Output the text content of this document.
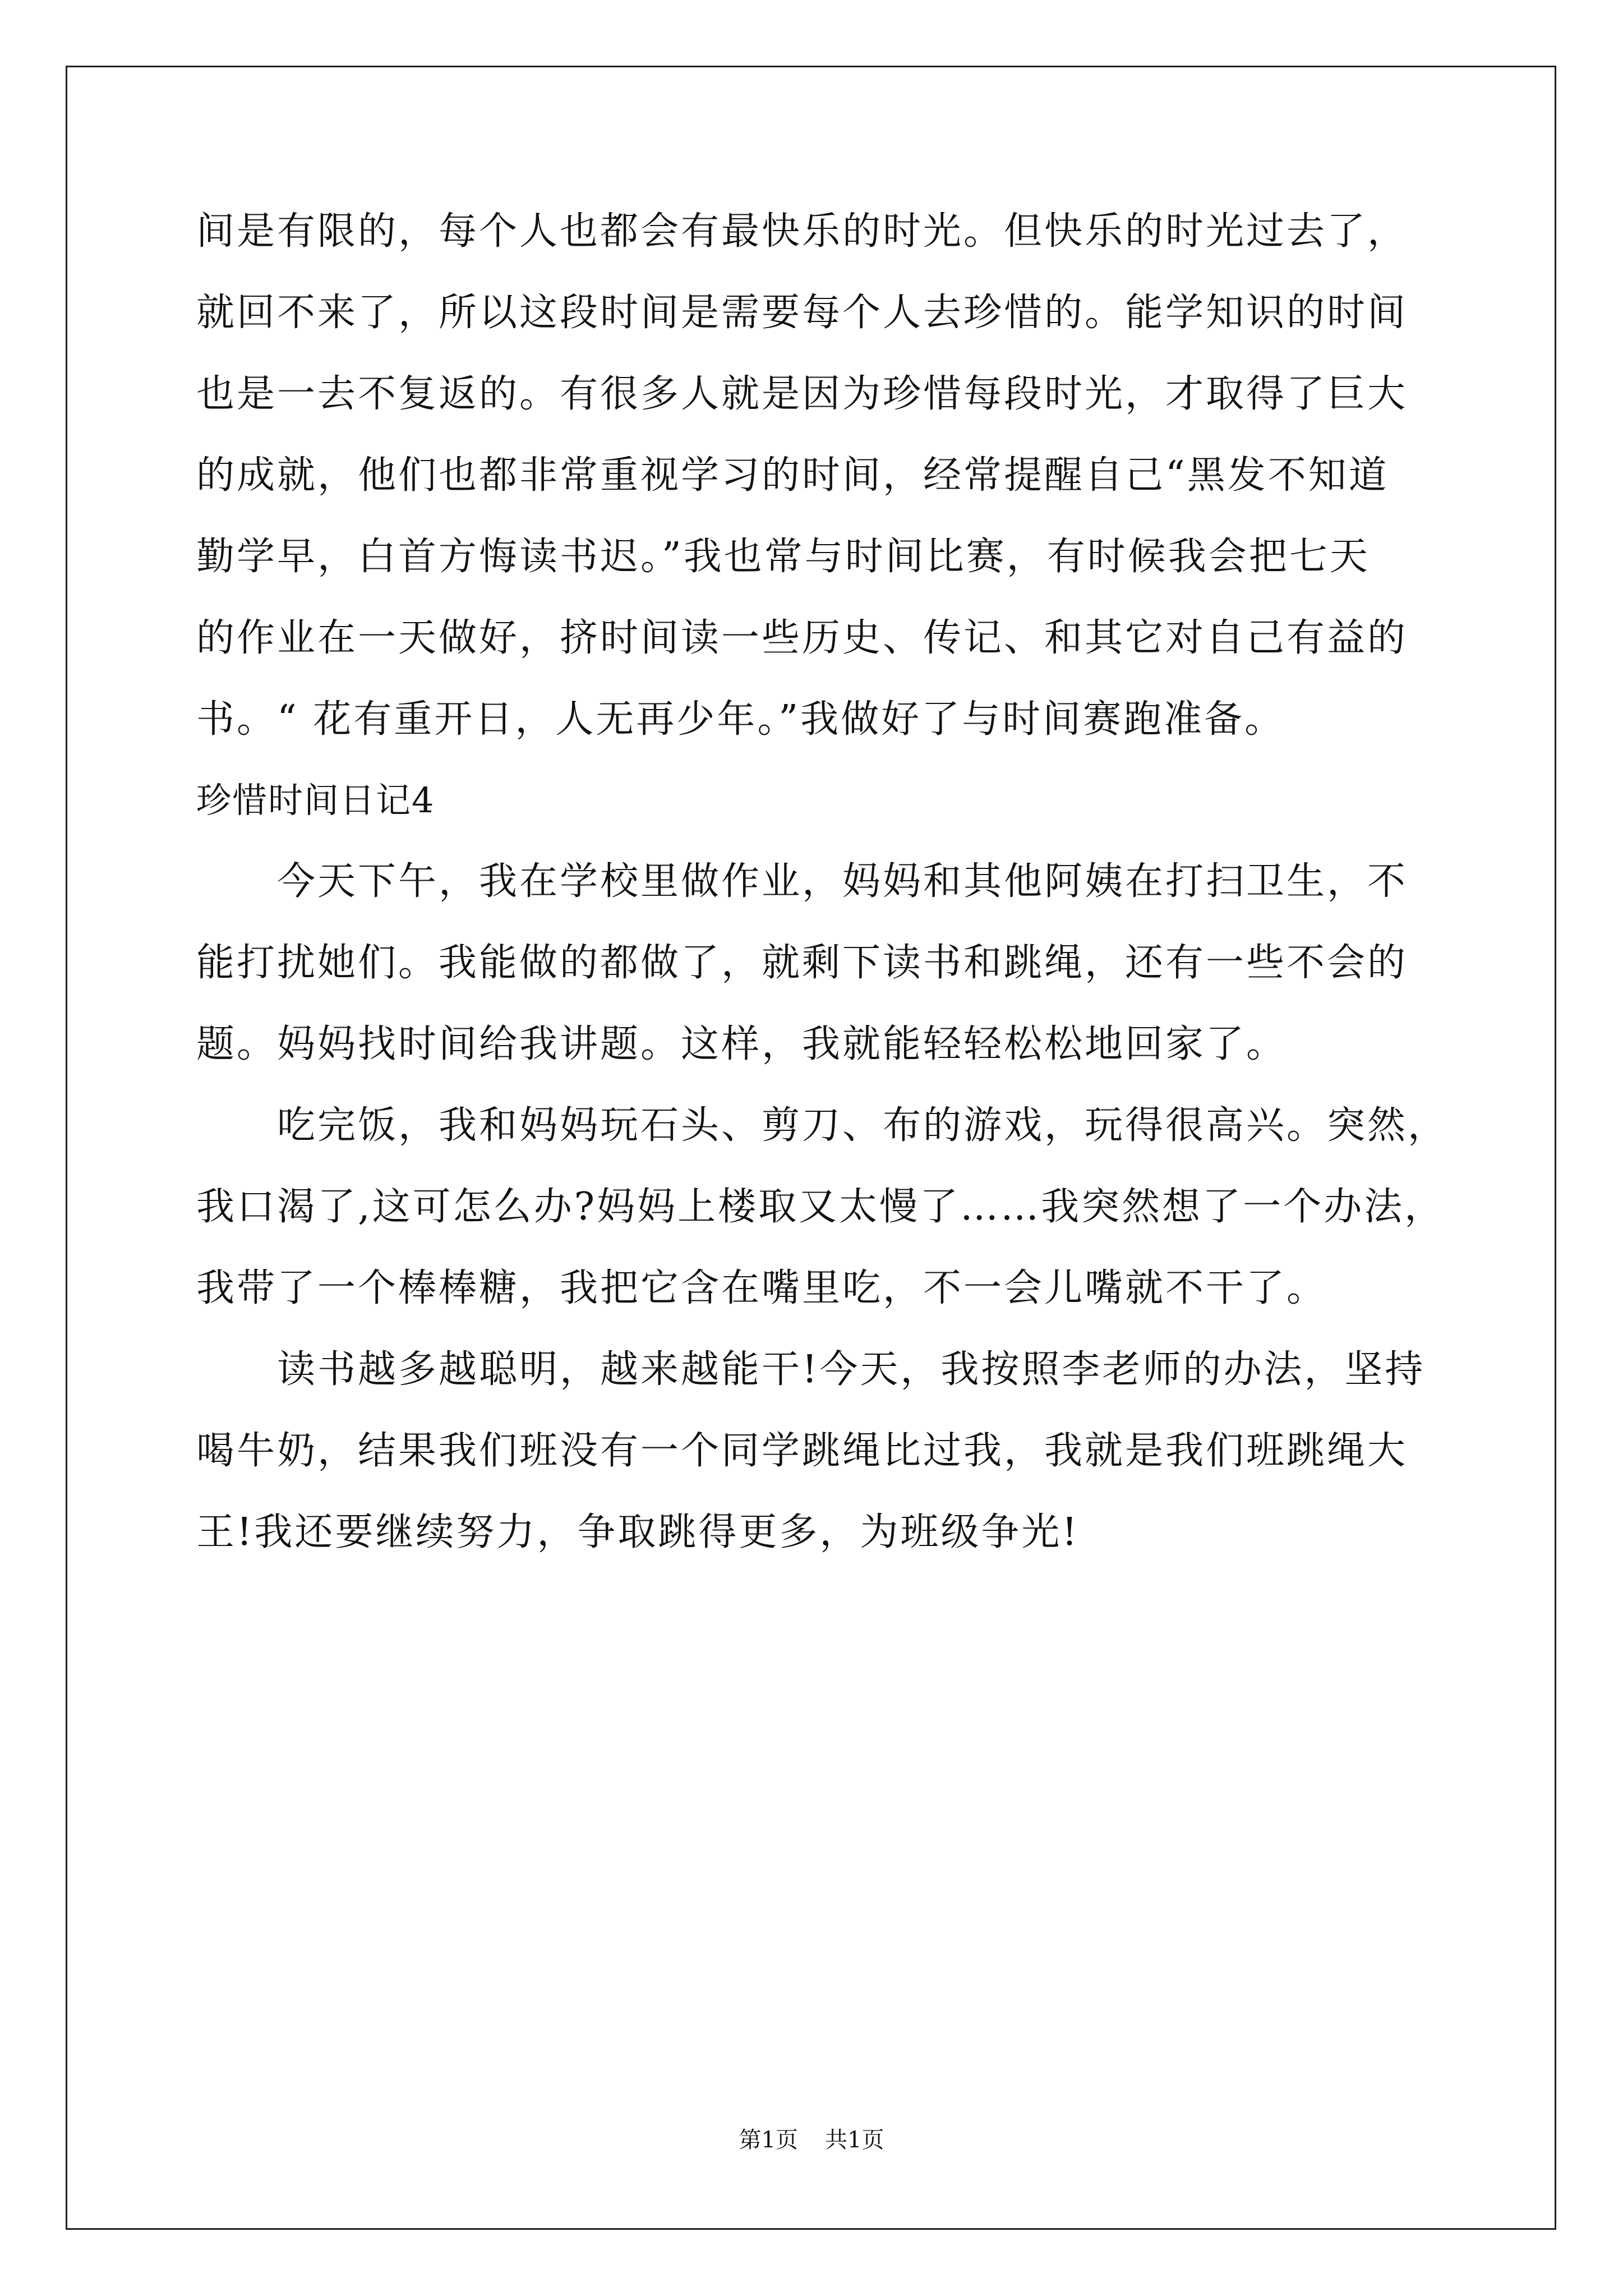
间是有限的，每个人也都会有最快乐的时光。但快乐的时光过去了，
就回不来了，所以这段时间是需要每个人去珍惜的。能学知识的时间
也是一去不复返的。有很多人就是因为珍惜每段时光，才取得了巨大
的成就，他们也都非常重视学习的时间，经常提醒自己“黑发不知道
勤学早，白首方悔读书迟。”我也常与时间比赛，有时候我会把七天
的作业在一天做好，挤时间读一些历史、传记、和其它对自己有益的
书。“ 花有重开日，人无再少年。”我做好了与时间赛跑准备。
珍惜时间日记4
今天下午，我在学校里做作业，妈妈和其他阿姨在打扫卫生，不
能打扰她们。我能做的都做了，就剩下读书和跳绳，还有一些不会的
题。妈妈找时间给我讲题。这样，我就能轻轻松松地回家了。
吃完饭，我和妈妈玩石头、剪刀、布的游戏，玩得很高兴。突然，
我口渴了,这可怎么办?妈妈上楼取又太慢了……我突然想了一个办法，
我带了一个棒棒糖，我把它含在嘴里吃，不一会儿嘴就不干了。
读书越多越聪明，越来越能干!今天，我按照李老师的办法，坚持
喝牛奶，结果我们班没有一个同学跳绳比过我，我就是我们班跳绳大
王!我还要继续努力，争取跳得更多，为班级争光!
第1页 共1页
